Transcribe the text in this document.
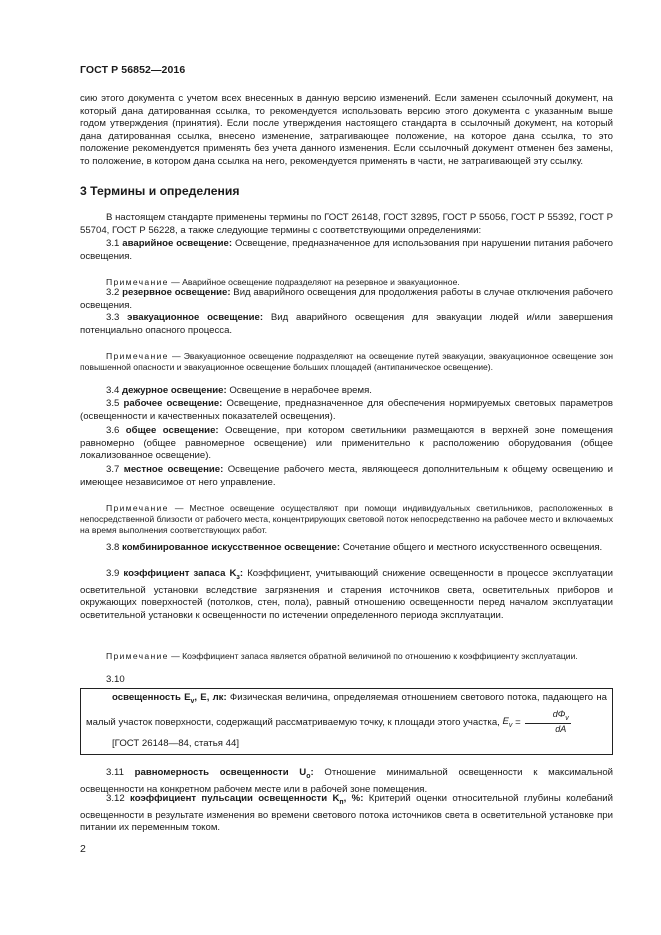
ГОСТ Р 56852—2016

сию этого документа с учетом всех внесенных в данную версию изменений. Если заменен ссылочный документ, на который дана датированная ссылка, то рекомендуется использовать версию этого документа с указанным выше годом утверждения (принятия). Если после утверждения настоящего стандарта в ссылочный документ, на который дана датированная ссылка, внесено изменение, затрагивающее положение, на которое дана ссылка, то это положение рекомендуется применять без учета данного изменения. Если ссылочный документ отменен без замены, то положение, в котором дана ссылка на него, рекомендуется применять в части, не затрагивающей эту ссылку.

3 Термины и определения

В настоящем стандарте применены термины по ГОСТ 26148, ГОСТ 32895, ГОСТ Р 55056, ГОСТ Р 55392, ГОСТ Р 55704, ГОСТ Р 56228, а также следующие термины с соответствующими определениями:

3.1 аварийное освещение: Освещение, предназначенное для использования при нарушении питания рабочего освещения.

Примечание — Аварийное освещение подразделяют на резервное и эвакуационное.

3.2 резервное освещение: Вид аварийного освещения для продолжения работы в случае отключения рабочего освещения.

3.3 эвакуационное освещение: Вид аварийного освещения для эвакуации людей и/или завершения потенциально опасного процесса.

Примечание — Эвакуационное освещение подразделяют на освещение путей эвакуации, эвакуационное освещение зон повышенной опасности и эвакуационное освещение больших площадей (антипаническое освещение).

3.4 дежурное освещение: Освещение в нерабочее время.

3.5 рабочее освещение: Освещение, предназначенное для обеспечения нормируемых световых параметров (освещенности и качественных показателей освещения).

3.6 общее освещение: Освещение, при котором светильники размещаются в верхней зоне помещения равномерно (общее равномерное освещение) или применительно к расположению оборудования (общее локализованное освещение).

3.7 местное освещение: Освещение рабочего места, являющееся дополнительным к общему освещению и имеющее независимое от него управление.

Примечание — Местное освещение осуществляют при помощи индивидуальных светильников, расположенных в непосредственной близости от рабочего места, концентрирующих световой поток непосредственно на рабочее место и включаемых на время выполнения соответствующих работ.

3.8 комбинированное искусственное освещение: Сочетание общего и местного искусственного освещения.

3.9 коэффициент запаса $K_з$: Коэффициент, учитывающий снижение освещенности в процессе эксплуатации осветительной установки вследствие загрязнения и старения источников света, осветительных приборов и окружающих поверхностей (потолков, стен, пола), равный отношению освещенности перед началом эксплуатации осветительной установки к освещенности по истечении определенного периода эксплуатации.

Примечание — Коэффициент запаса является обратной величиной по отношению к коэффициенту эксплуатации.

3.10

освещенность $E_v$, E, лк: Физическая величина, определяемая отношением светового потока, падающего на малый участок поверхности, содержащий рассматриваемую точку, к площади этого участка, $E_v = \frac{d\Phi_v}{dA}$

[ГОСТ 26148—84, статья 44]

3.11 равномерность освещенности $U_o$: Отношение минимальной освещенности к максимальной освещенности на конкретном рабочем месте или в рабочей зоне помещения.

3.12 коэффициент пульсации освещенности $K_п$, %: Критерий оценки относительной глубины колебаний освещенности в результате изменения во времени светового потока источников света в осветительной установке при питании их переменным током.

2
